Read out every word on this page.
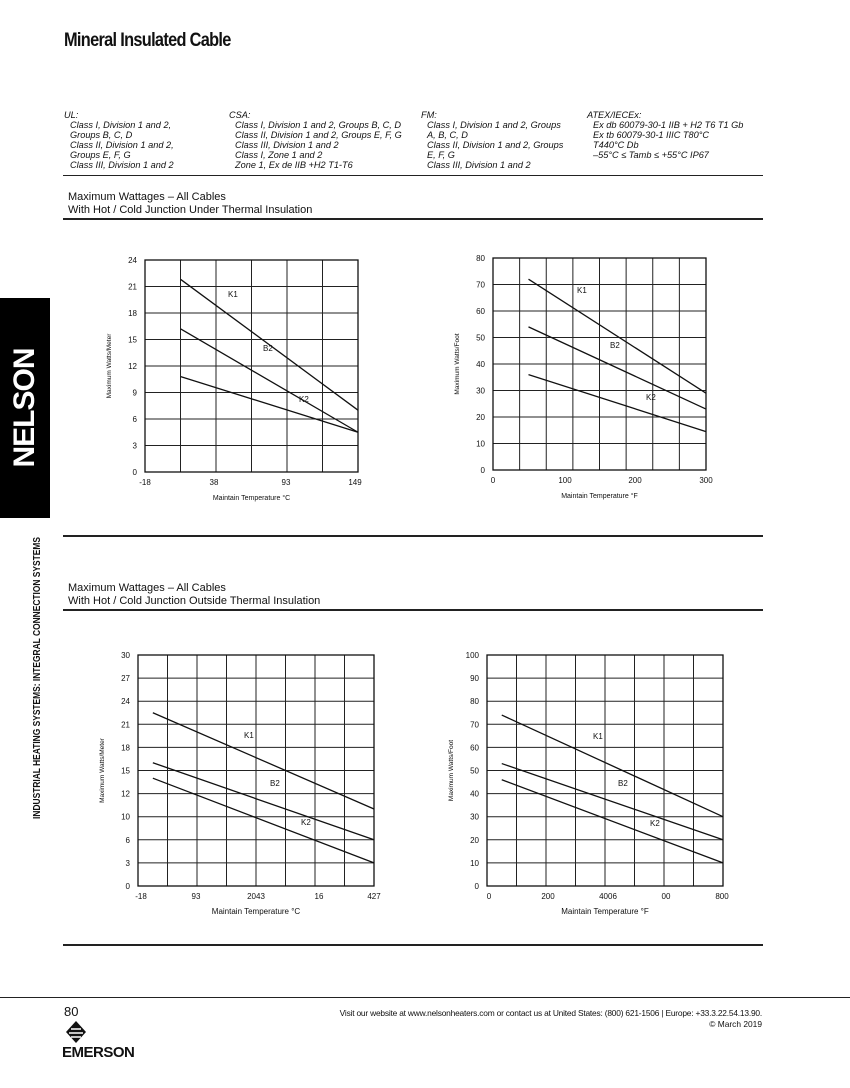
Mineral Insulated Cable
UL:
Class I, Division 1 and 2,
Groups B, C, D
Class II, Division 1 and 2,
Groups E, F, G
Class III, Division 1 and 2
CSA:
Class I, Division 1 and 2, Groups B, C, D
Class II, Division 1 and 2, Groups E, F, G
Class III, Division 1 and 2
Class I, Zone 1 and 2
Zone 1, Ex de IIB +H2 T1-T6
FM:
Class I, Division 1 and 2, Groups
A, B, C, D
Class II, Division 1 and 2, Groups
E, F, G
Class III, Division 1 and 2
ATEX/IECEx:
Ex db 60079-30-1 IIB + H2 T6 T1 Gb
Ex tb 60079-30-1 IIIC T80°C
T440°C Db
–55°C ≤ Tamb ≤ +55°C IP67
Maximum Wattages – All Cables
With Hot / Cold Junction Under Thermal Insulation
Maximum Wattages – All Cables
With Hot / Cold Junction Outside Thermal Insulation
NELSON
INDUSTRIAL HEATING SYSTEMS: INTEGRAL CONNECTION SYSTEMS
0
3
6
9
12
15
18
21
24
-18	38	93	149
Maintain Temperature °C
Maximum Watts/Meter
K1
B2
K2
0
10
20
30
40
50
60
70
80
0	100	200	300
Maintain Temperature °F
Maximum Watts/Foot
K1
B2
K2
0
3
6
10
12
15
18
21
24
27
30
-18	93	2043	16	427
Maintain Temperature °C
Maximum Watts/Meter
K1
B2
K2
0
10
20
30
40
50
60
70
80
90
100
0	200	4006	00	800
Maintain Temperature °F
Maximum Watts/Foot
K1
B2
K2
80	Visit our website at www.nelsonheaters.com or contact us at United States: (800) 621-1506 | Europe: +33.3.22.54.13.90.
© March 2019
EMERSON
